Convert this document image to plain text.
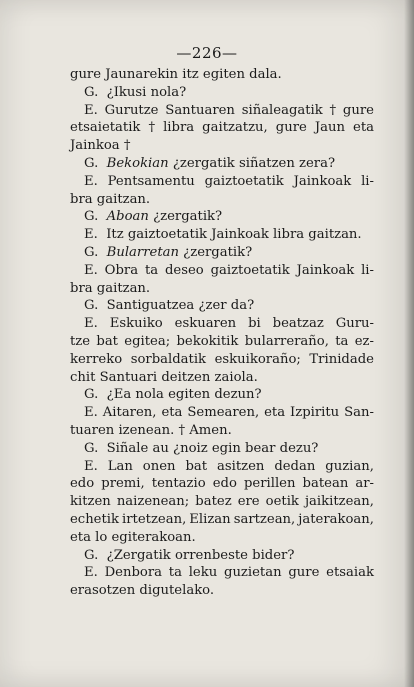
—226—
gure Jaunarekin itz egiten dala.
G.  ¿Ikusi nola?
E. Gurutze Santuaren siñaleagatik † gure
etsaietatik † libra gaitzatzu, gure Jaun eta
Jainkoa †
G. Bekokian ¿zergatik siñatzen zera?
E. Pentsamentu gaiztoetatik Jainkoak li-
bra gaitzan.
G. Aboan ¿zergatik?
E.  Itz gaiztoetatik Jainkoak libra gaitzan.
G. Bularretan ¿zergatik?
E. Obra ta deseo gaiztoetatik Jainkoak li-
bra gaitzan.
G.  Santiguatzea ¿zer da?
E. Eskuiko eskuaren bi beatzaz Guru-
tze bat egitea; bekokitik bularreraño, ta ez-
kerreko sorbaldatik eskuikoraño; Trinidade
chit Santuari deitzen zaiola.
G.  ¿Ea nola egiten dezun?
E. Aitaren, eta Semearen, eta Izpiritu San-
tuaren izenean. † Amen.
G.  Siñale au ¿noiz egin bear dezu?
E. Lan onen bat asitzen dedan guzian,
edo premi, tentazio edo perillen batean ar-
kitzen naizenean; batez ere oetik jaikitzean,
echetik irtetzean, Elizan sartzean, jaterakoan,
eta lo egiterakoan.
G.  ¿Zergatik orrenbeste bider?
E. Denbora ta leku guzietan gure etsaiak
erasotzen digutelako.
